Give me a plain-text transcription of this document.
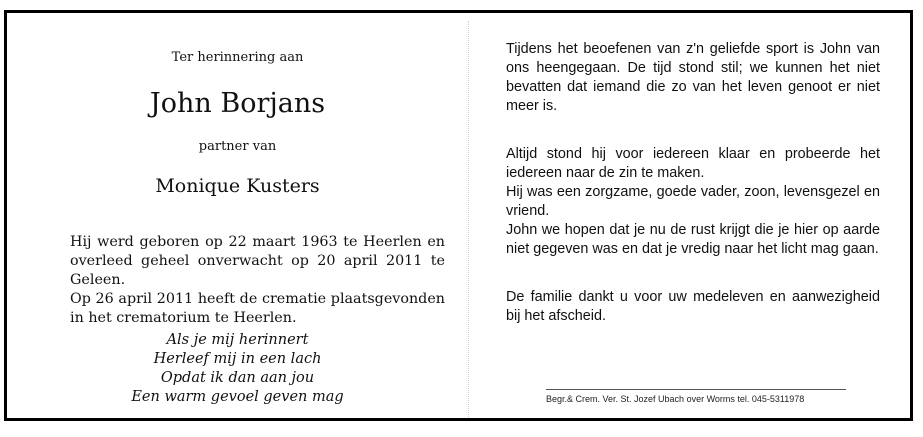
Ter herinnering aan
John Borjans
partner van
Monique Kusters

Hij werd geboren op 22 maart 1963 te Heerlen en overleed geheel onverwacht op 20 april 2011 te Geleen.

Op 26 april 2011 heeft de crematie plaatsgevonden in het crematorium te Heerlen.

Als je mij herinnert
Herleef mij in een lach
Opdat ik dan aan jou
Een warm gevoel geven mag

Tijdens het beoefenen van z'n geliefde sport is John van ons heengegaan. De tijd stond stil; we kunnen het niet bevatten dat iemand die zo van het leven genoot er niet meer is.

Altijd stond hij voor iedereen klaar en probeerde het iedereen naar de zin te maken.

Hij was een zorgzame, goede vader, zoon, levensgezel en vriend.

John we hopen dat je nu de rust krijgt die je hier op aarde niet gegeven was en dat je vredig naar het licht mag gaan.

De familie dankt u voor uw medeleven en aanwezigheid bij het afscheid.

Begr.& Crem. Ver. St. Jozef Ubach over Worms tel. 045-5311978
